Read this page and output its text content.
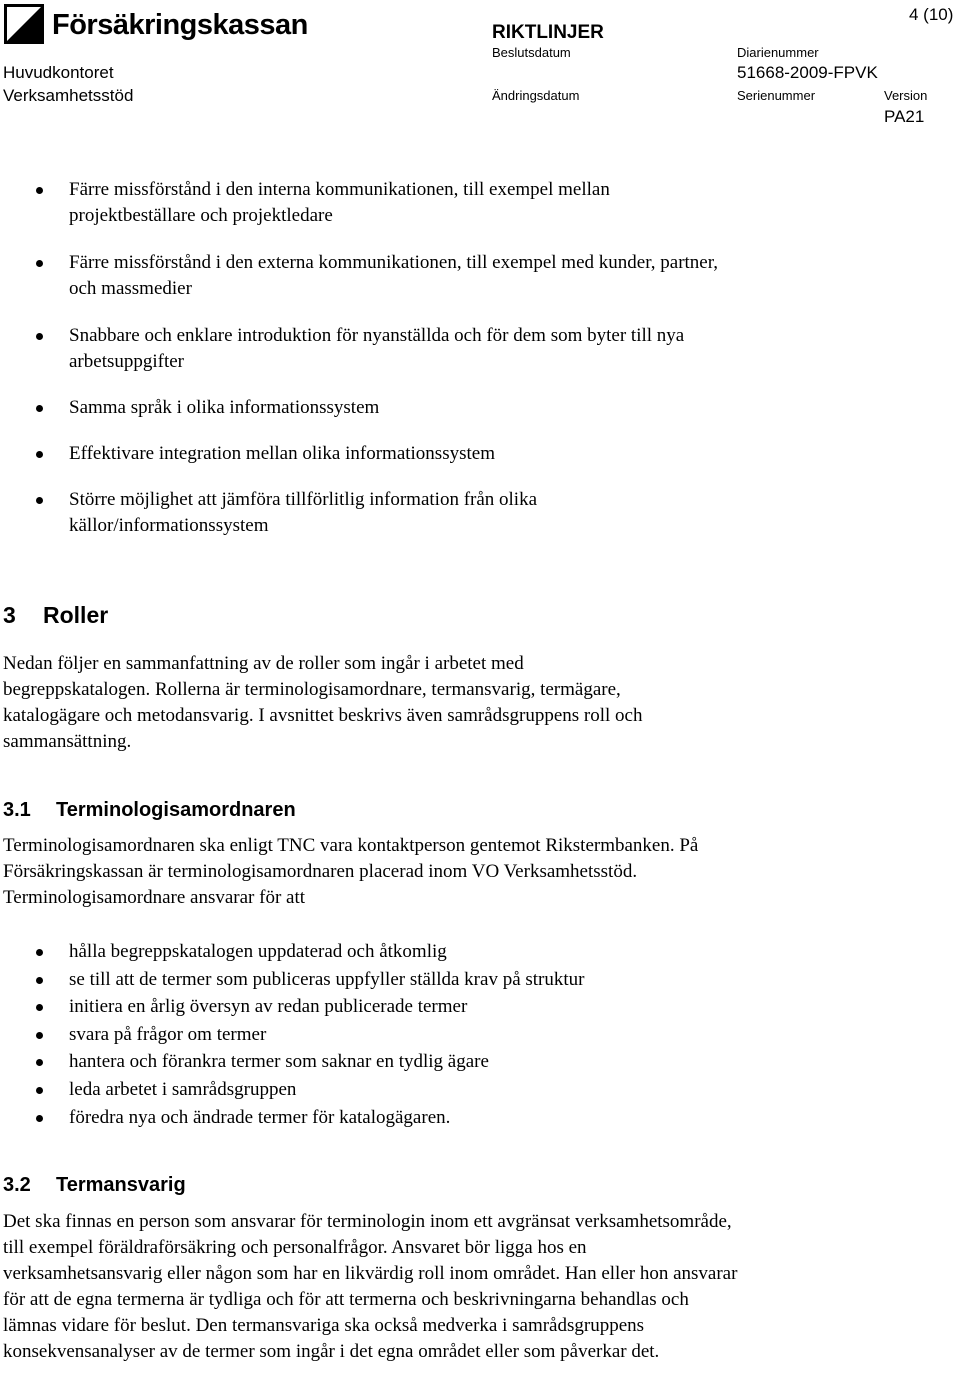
Försäkringskassan
Huvudkontoret
Verksamhetsstöd
RIKTLINJER
Beslutsdatum
Ändringsdatum
Diarienummer
51668-2009-FPVK
Serienummer	Version
PA21
4 (10)
Färre missförstånd i den interna kommunikationen, till exempel mellan projektbeställare och projektledare
Färre missförstånd i den externa kommunikationen, till exempel med kunder, partner, och massmedier
Snabbare och enklare introduktion för nyanställda och för dem som byter till nya arbetsuppgifter
Samma språk i olika informationssystem
Effektivare integration mellan olika informationssystem
Större möjlighet att jämföra tillförlitlig information från olika källor/informationssystem
3 Roller

Nedan följer en sammanfattning av de roller som ingår i arbetet med begreppskatalogen. Rollerna är terminologisamordnare, termansvarig, termägare, katalogägare och metodansvarig. I avsnittet beskrivs även samrådsgruppens roll och sammansättning.

3.1 Terminologisamordnaren

Terminologisamordnaren ska enligt TNC vara kontaktperson gentemot Rikstermbanken. På Försäkringskassan är terminologisamordnaren placerad inom VO Verksamhetsstöd. Terminologisamordnare ansvarar för att

hålla begreppskatalogen uppdaterad och åtkomlig
se till att de termer som publiceras uppfyller ställda krav på struktur
initiera en årlig översyn av redan publicerade termer
svara på frågor om termer
hantera och förankra termer som saknar en tydlig ägare
leda arbetet i samrådsgruppen
föredra nya och ändrade termer för katalogägaren.
3.2 Termansvarig

Det ska finnas en person som ansvarar för terminologin inom ett avgränsat verksamhetsområde, till exempel föräldraförsäkring och personalfrågor. Ansvaret bör ligga hos en verksamhetsansvarig eller någon som har en likvärdig roll inom området. Han eller hon ansvarar för att de egna termerna är tydliga och för att termerna och beskrivningarna behandlas och lämnas vidare för beslut. Den termansvariga ska också medverka i samrådsgruppens konsekvensanalyser av de termer som ingår i det egna området eller som påverkar det.
